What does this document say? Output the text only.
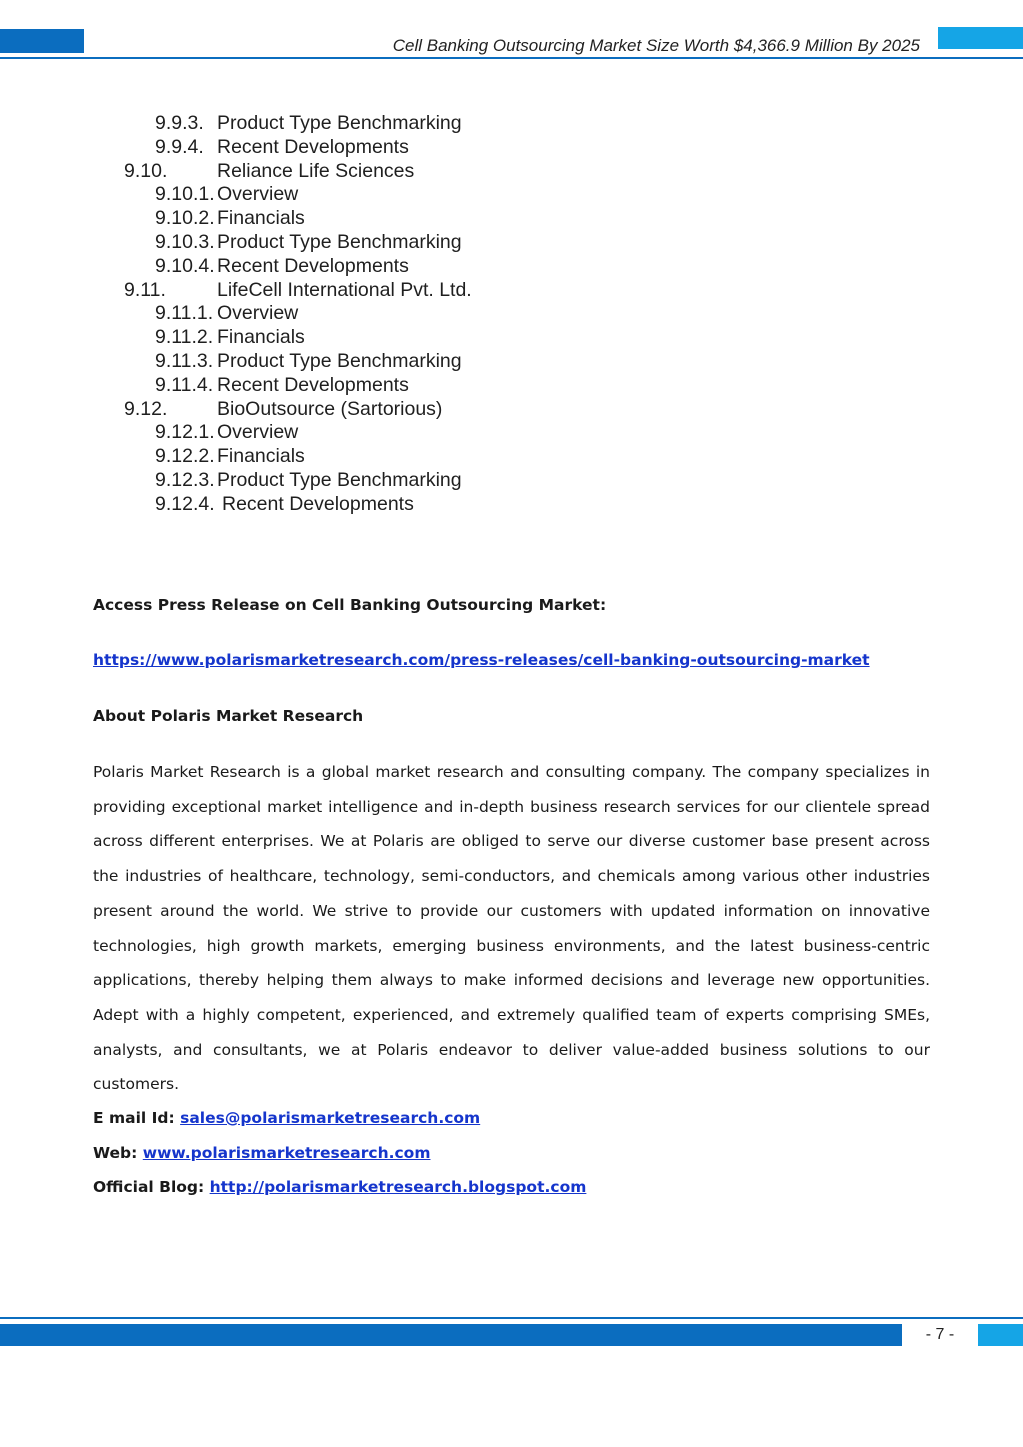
Cell Banking Outsourcing Market Size Worth $4,366.9 Million By 2025
9.9.3. Product Type Benchmarking
9.9.4. Recent Developments
9.10.	Reliance Life Sciences
9.10.1. Overview
9.10.2. Financials
9.10.3. Product Type Benchmarking
9.10.4. Recent Developments
9.11.	LifeCell International Pvt. Ltd.
9.11.1. Overview
9.11.2. Financials
9.11.3. Product Type Benchmarking
9.11.4. Recent Developments
9.12.	BioOutsource (Sartorious)
9.12.1. Overview
9.12.2. Financials
9.12.3. Product Type Benchmarking
9.12.4. Recent Developments
Access Press Release on Cell Banking Outsourcing Market:
https://www.polarismarketresearch.com/press-releases/cell-banking-outsourcing-market
About Polaris Market Research
Polaris Market Research is a global market research and consulting company. The company specializes in providing exceptional market intelligence and in-depth business research services for our clientele spread across different enterprises. We at Polaris are obliged to serve our diverse customer base present across the industries of healthcare, technology, semi-conductors, and chemicals among various other industries present around the world. We strive to provide our customers with updated information on innovative technologies, high growth markets, emerging business environments, and the latest business-centric applications, thereby helping them always to make informed decisions and leverage new opportunities. Adept with a highly competent, experienced, and extremely qualified team of experts comprising SMEs, analysts, and consultants, we at Polaris endeavor to deliver value-added business solutions to our customers.
E mail Id: sales@polarismarketresearch.com
Web: www.polarismarketresearch.com
Official Blog: http://polarismarketresearch.blogspot.com
- 7 -
